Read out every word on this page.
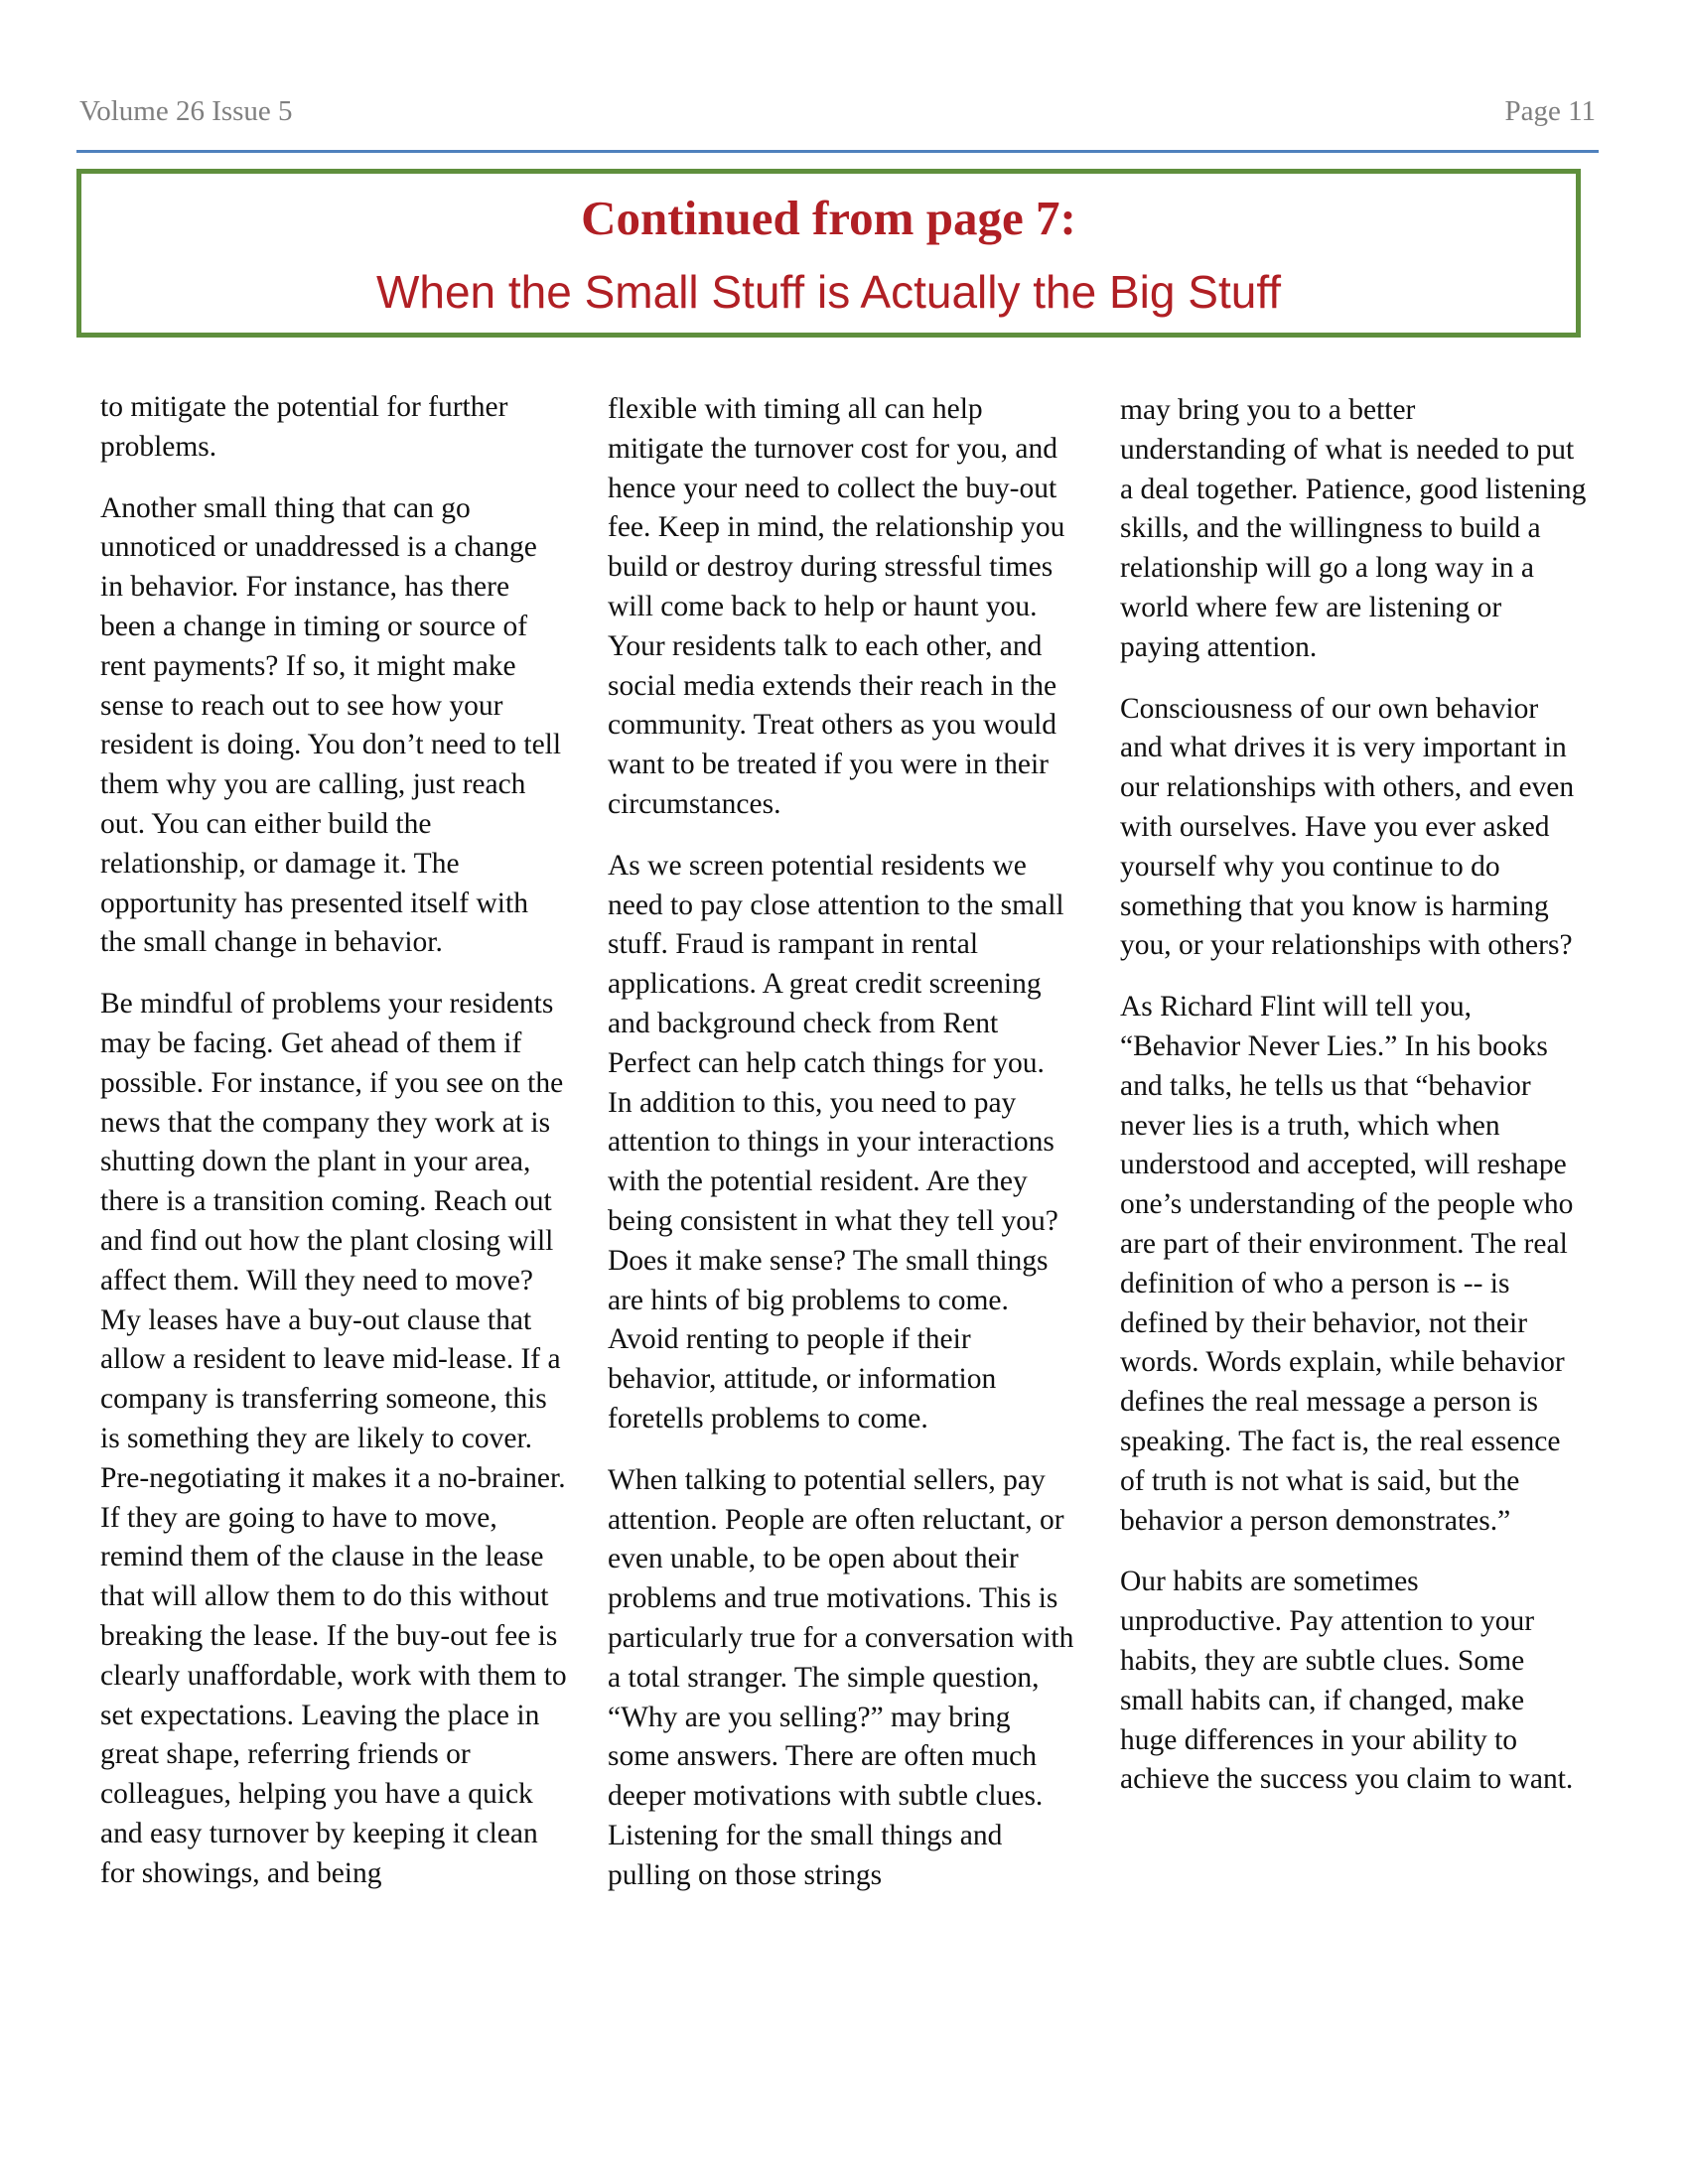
Volume 26 Issue 5	Page 11
Continued from page 7:
When the Small Stuff is Actually the Big Stuff

to mitigate the potential for further problems.

Another small thing that can go unnoticed or unaddressed is a change in behavior. For instance, has there been a change in timing or source of rent payments? If so, it might make sense to reach out to see how your resident is doing. You don’t need to tell them why you are calling, just reach out. You can either build the relationship, or damage it. The opportunity has presented itself with the small change in behavior.

Be mindful of problems your residents may be facing. Get ahead of them if possible. For instance, if you see on the news that the company they work at is shutting down the plant in your area, there is a transition coming. Reach out and find out how the plant closing will affect them. Will they need to move? My leases have a buy-out clause that allow a resident to leave mid-lease. If a company is transferring someone, this is something they are likely to cover. Pre-negotiating it makes it a no-brainer. If they are going to have to move, remind them of the clause in the lease that will allow them to do this without breaking the lease. If the buy-out fee is clearly unaffordable, work with them to set expectations. Leaving the place in great shape, referring friends or colleagues, helping you have a quick and easy turnover by keeping it clean for showings, and being

flexible with timing all can help mitigate the turnover cost for you, and hence your need to collect the buy-out fee. Keep in mind, the relationship you build or destroy during stressful times will come back to help or haunt you. Your residents talk to each other, and social media extends their reach in the community. Treat others as you would want to be treated if you were in their circumstances.

As we screen potential residents we need to pay close attention to the small stuff. Fraud is rampant in rental applications. A great credit screening and background check from Rent Perfect can help catch things for you. In addition to this, you need to pay attention to things in your interactions with the potential resident. Are they being consistent in what they tell you? Does it make sense? The small things are hints of big problems to come. Avoid renting to people if their behavior, attitude, or information foretells problems to come.

When talking to potential sellers, pay attention. People are often reluctant, or even unable, to be open about their problems and true motivations. This is particularly true for a conversation with a total stranger. The simple question, “Why are you selling?” may bring some answers. There are often much deeper motivations with subtle clues. Listening for the small things and pulling on those strings

may bring you to a better understanding of what is needed to put a deal together. Patience, good listening skills, and the willingness to build a relationship will go a long way in a world where few are listening or paying attention.

Consciousness of our own behavior and what drives it is very important in our relationships with others, and even with ourselves. Have you ever asked yourself why you continue to do something that you know is harming you, or your relationships with others?

As Richard Flint will tell you, “Behavior Never Lies.” In his books and talks, he tells us that “behavior never lies is a truth, which when understood and accepted, will reshape one’s understanding of the people who are part of their environment. The real definition of who a person is -- is defined by their behavior, not their words. Words explain, while behavior defines the real message a person is speaking. The fact is, the real essence of truth is not what is said, but the behavior a person demonstrates.”

Our habits are sometimes unproductive. Pay attention to your habits, they are subtle clues. Some small habits can, if changed, make huge differences in your ability to achieve the success you claim to want.
